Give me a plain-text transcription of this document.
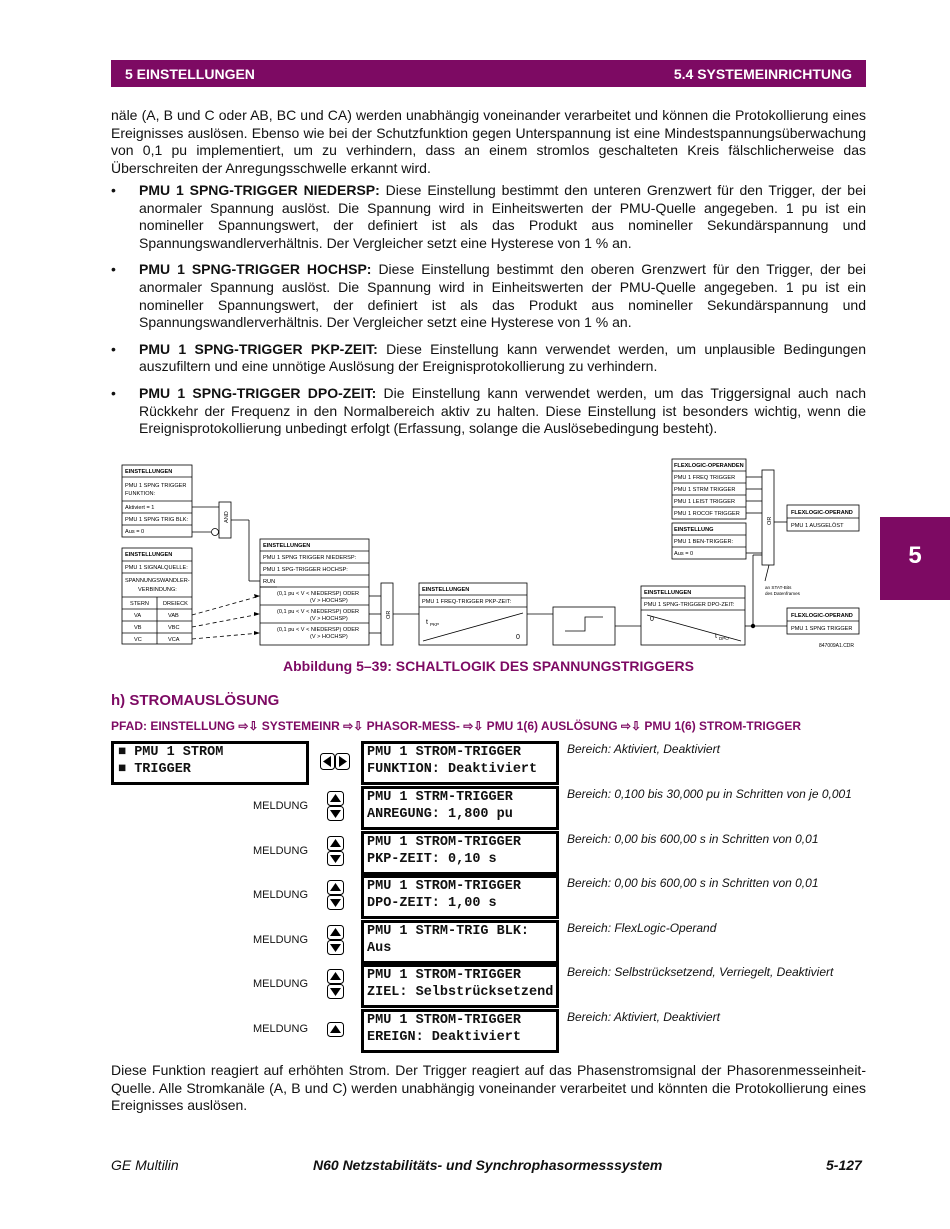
5 EINSTELLUNGEN	5.4 SYSTEMEINRICHTUNG
5
näle (A, B und C oder AB, BC und CA) werden unabhängig voneinander verarbeitet und können die Protokollierung eines Ereignisses auslösen. Ebenso wie bei der Schutzfunktion gegen Unterspannung ist eine Mindestspannungsüberwachung von 0,1 pu implementiert, um zu verhindern, dass an einem stromlos geschalteten Kreis fälschlicherweise das Überschreiten der Anregungsschwelle erkannt wird.
• PMU 1 SPNG-TRIGGER NIEDERSP: Diese Einstellung bestimmt den unteren Grenzwert für den Trigger, der bei anormaler Spannung auslöst. Die Spannung wird in Einheitswerten der PMU-Quelle angegeben. 1 pu ist ein nomineller Spannungswert, der definiert ist als das Produkt aus nomineller Sekundärspannung und Spannungswandlerverhältnis. Der Vergleicher setzt eine Hysterese von 1 % an.
• PMU 1 SPNG-TRIGGER HOCHSP: Diese Einstellung bestimmt den oberen Grenzwert für den Trigger, der bei anormaler Spannung auslöst. Die Spannung wird in Einheitswerten der PMU-Quelle angegeben. 1 pu ist ein nomineller Spannungswert, der definiert ist als das Produkt aus nomineller Sekundärspannung und Spannungswandlerverhältnis. Der Vergleicher setzt eine Hysterese von 1 % an.
• PMU 1 SPNG-TRIGGER PKP-ZEIT: Diese Einstellung kann verwendet werden, um unplausible Bedingungen auszufiltern und eine unnötige Auslösung der Ereignisprotokollierung zu verhindern.
• PMU 1 SPNG-TRIGGER DPO-ZEIT: Die Einstellung kann verwendet werden, um das Triggersignal auch nach Rückkehr der Frequenz in den Normalbereich aktiv zu halten. Diese Einstellung ist besonders wichtig, wenn die Ereignisprotokollierung unbedingt erfolgt (Erfassung, solange die Auslösebedingung besteht).
EINSTELLUNGEN
PMU 1 SPNG TRIGGER
FUNKTION:
Aktiviert = 1
PMU 1 SPNG TRIG BLK:
Aus = 0
AND
EINSTELLUNGEN
PMU 1 SIGNALQUELLE:
SPANNUNGSWANDLER-
VERBINDUNG:
STERN	DREIECK
VA	VAB
VB	VBC
VC	VCA
EINSTELLUNGEN
PMU 1 SPNG TRIGGER NIEDERSP:
PMU 1 SPG-TRIGGER HOCHSP:
RUN
(0,1 pu < V < NIEDERSP) ODER
(V > HOCHSP)
(0,1 pu < V < NIEDERSP) ODER
(V > HOCHSP)
(0,1 pu < V < NIEDERSP) ODER
(V > HOCHSP)
OR
EINSTELLUNGEN
PMU 1 FREQ-TRIGGER PKP-ZEIT:
t PKP
0
EINSTELLUNGEN
PMU 1 SPNG-TRIGGER DPO-ZEIT:
0
t DPO
FLEXLOGIC-OPERANDEN
PMU 1 FREQ TRIGGER
PMU 1 STRM TRIGGER
PMU 1 LEIST TRIGGER
PMU 1 ROCOF TRIGGER
EINSTELLUNG
PMU 1 BEN-TRIGGER:
Aus = 0
OR
FLEXLOGIC-OPERAND
PMU 1 AUSGELÖST
FLEXLOGIC-OPERAND
PMU 1 SPNG TRIGGER
an STAT-Bits
des Datenframes
847009A1.CDR
Abbildung 5–39: SCHALTLOGIK DES SPANNUNGSTRIGGERS
h) STROMAUSLÖSUNG
PFAD: EINSTELLUNG ⇨⇩ SYSTEMEINR ⇨⇩ PHASOR-MESS- ⇨⇩ PMU 1(6) AUSLÖSUNG ⇨⇩ PMU 1(6) STROM-TRIGGER
■ PMU 1 STROM
■ TRIGGER
PMU 1 STROM-TRIGGER
FUNKTION: Deaktiviert
Bereich: Aktiviert, Deaktiviert
MELDUNG
PMU 1 STRM-TRIGGER
ANREGUNG: 1,800 pu
Bereich: 0,100 bis 30,000 pu in Schritten von je 0,001
MELDUNG
PMU 1 STROM-TRIGGER
PKP-ZEIT: 0,10 s
Bereich: 0,00 bis 600,00 s in Schritten von 0,01
MELDUNG
PMU 1 STROM-TRIGGER
DPO-ZEIT: 1,00 s
Bereich: 0,00 bis 600,00 s in Schritten von 0,01
MELDUNG
PMU 1 STRM-TRIG BLK:
Aus
Bereich: FlexLogic-Operand
MELDUNG
PMU 1 STROM-TRIGGER
ZIEL: Selbstrücksetzend
Bereich: Selbstrücksetzend, Verriegelt, Deaktiviert
MELDUNG
PMU 1 STROM-TRIGGER
EREIGN: Deaktiviert
Bereich: Aktiviert, Deaktiviert
Diese Funktion reagiert auf erhöhten Strom. Der Trigger reagiert auf das Phasenstromsignal der Phasorenmesseinheit-Quelle. Alle Stromkanäle (A, B und C) werden unabhängig voneinander verarbeitet und könnten die Protokollierung eines Ereignisses auslösen.
GE Multilin	N60 Netzstabilitäts- und Synchrophasormesssystem	5-127
